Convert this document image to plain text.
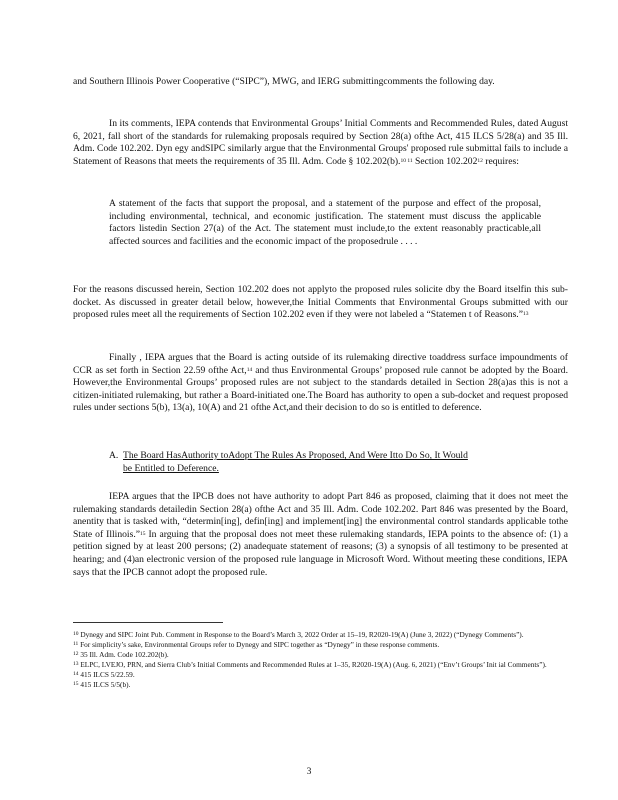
and Southern Illinois Power Cooperative (“SIPC”), MWG, and IERG submittingcomments the following day.

In its comments, IEPA contends that Environmental Groups’ Initial Comments and Recommended Rules, dated August 6, 2021, fall short of the standards for rulemaking proposals required by Section 28(a) ofthe Act, 415 ILCS 5/28(a) and 35 Ill. Adm. Code 102.202. Dyn egy andSIPC similarly argue that the Environmental Groups' proposed rule submittal fails to include a Statement of Reasons that meets the requirements of 35 Ill. Adm. Code § 102.202(b).$^{10 11}$ Section 102.202$^{12}$ requires:

A statement of the facts that support the proposal, and a statement of the purpose and effect of the proposal, including environmental, technical, and economic justification. The statement must discuss the applicable factors listedin Section 27(a) of the Act. The statement must include,to the extent reasonably practicable,all affected sources and facilities and the economic impact of the proposedrule . . . .

For the reasons discussed herein, Section 102.202 does not applyto the proposed rules solicite dby the Board itselfin this sub-docket. As discussed in greater detail below, however,the Initial Comments that Environmental Groups submitted with our proposed rules meet all the requirements of Section 102.202 even if they were not labeled a “Statemen t of Reasons.”$^{13}$

Finally , IEPA argues that the Board is acting outside of its rulemaking directive toaddress surface impoundments of CCR as set forth in Section 22.59 ofthe Act,$^{14}$ and thus Environmental Groups’ proposed rule cannot be adopted by the Board. However,the Environmental Groups’ proposed rules are not subject to the standards detailed in Section 28(a)as this is not a citizen-initiated rulemaking, but rather a Board-initiated one.The Board has authority to open a sub-docket and request proposed rules under sections 5(b), 13(a), 10(A) and 21 ofthe Act,and their decision to do so is entitled to deference.

A. The Board HasAuthority toAdopt The Rules As Proposed, And Were Itto Do So, It Would
be Entitled to Deference.

IEPA argues that the IPCB does not have authority to adopt Part 846 as proposed, claiming that it does not meet the rulemaking standards detailedin Section 28(a) ofthe Act and 35 Ill. Adm. Code 102.202. Part 846 was presented by the Board, anentity that is tasked with, “determin[ing], defin[ing] and implement[ing] the environmental control standards applicable tothe State of Illinois.”$^{15}$ In arguing that the proposal does not meet these rulemaking standards, IEPA points to the absence of: (1) a petition signed by at least 200 persons; (2) anadequate statement of reasons; (3) a synopsis of all testimony to be presented at hearing; and (4)an electronic version of the proposed rule language in Microsoft Word. Without meeting these conditions, IEPA says that the IPCB cannot adopt the proposed rule.

$^{10}$ Dynegy and SIPC Joint Pub. Comment in Response to the Board’s March 3, 2022 Order at 15–19, R2020-19(A) (June 3, 2022) (“Dynegy Comments”).
$^{11}$ For simplicity’s sake, Environmental Groups refer to Dynegy and SIPC together as “Dynegy” in these response comments.
$^{12}$ 35 Ill. Adm. Code 102.202(b).
$^{13}$ ELPC, LVEJO, PRN, and Sierra Club’s Initial Comments and Recommended Rules at 1–35, R2020-19(A) (Aug. 6, 2021) (“Env’t Groups’ Init ial Comments”).
$^{14}$ 415 ILCS 5/22.59.
$^{15}$ 415 ILCS 5/5(b).
3
